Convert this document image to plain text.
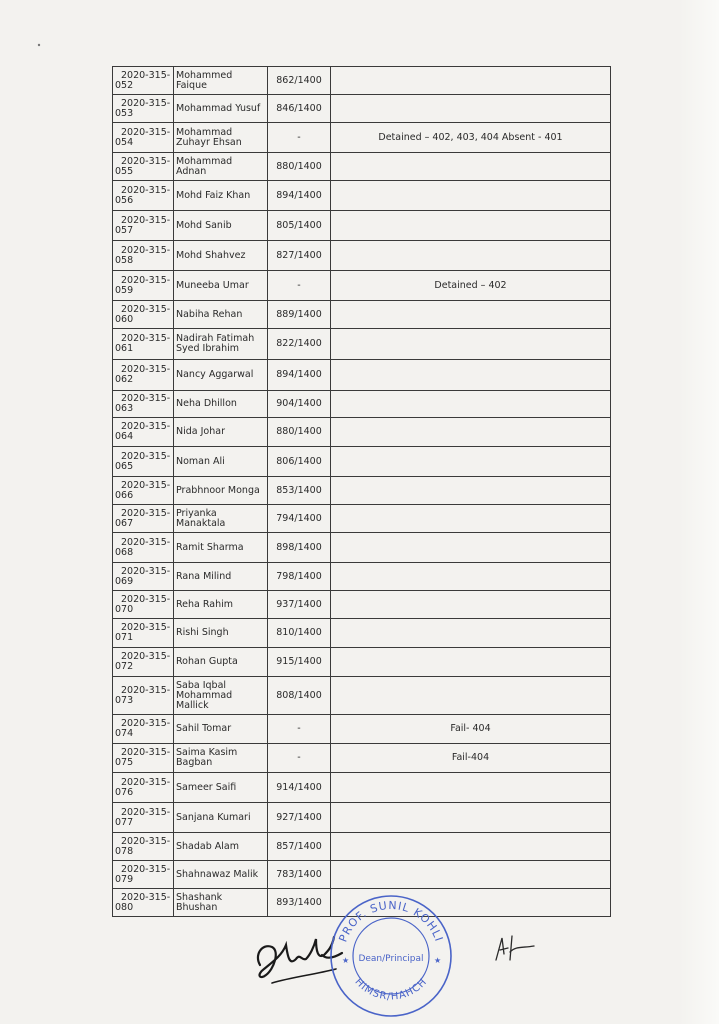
2020-315-
052	Mohammed Faique	862/1400	

2020-315-
053	Mohammad Yusuf	846/1400	

2020-315-
054	Mohammad Zuhayr Ehsan	-	Detained – 402, 403, 404 Absent - 401

2020-315-
055	Mohammad Adnan	880/1400	

2020-315-
056	Mohd Faiz Khan	894/1400	

2020-315-
057	Mohd Sanib	805/1400	

2020-315-
058	Mohd Shahvez	827/1400	

2020-315-
059	Muneeba Umar	-	Detained – 402

2020-315-
060	Nabiha Rehan	889/1400	

2020-315-
061	Nadirah Fatimah Syed Ibrahim	822/1400	

2020-315-
062	Nancy Aggarwal	894/1400	

2020-315-
063	Neha Dhillon	904/1400	

2020-315-
064	Nida Johar	880/1400	

2020-315-
065	Noman Ali	806/1400	

2020-315-
066	Prabhnoor Monga	853/1400	

2020-315-
067	Priyanka Manaktala	794/1400	

2020-315-
068	Ramit Sharma	898/1400	

2020-315-
069	Rana Milind	798/1400	

2020-315-
070	Reha Rahim	937/1400	

2020-315-
071	Rishi Singh	810/1400	

2020-315-
072	Rohan Gupta	915/1400	

2020-315-
073	Saba Iqbal Mohammad Mallick	808/1400	

2020-315-
074	Sahil Tomar	-	Fail- 404

2020-315-
075	Saima Kasim Bagban	-	Fail-404

2020-315-
076	Sameer Saifi	914/1400	

2020-315-
077	Sanjana Kumari	927/1400	

2020-315-
078	Shadab Alam	857/1400	

2020-315-
079	Shahnawaz Malik	783/1400	

2020-315-
080	Shashank Bhushan	893/1400	
PROF. SUNIL KOHLI
HIMSR/HAHCH
Dean/Principal
★	★
